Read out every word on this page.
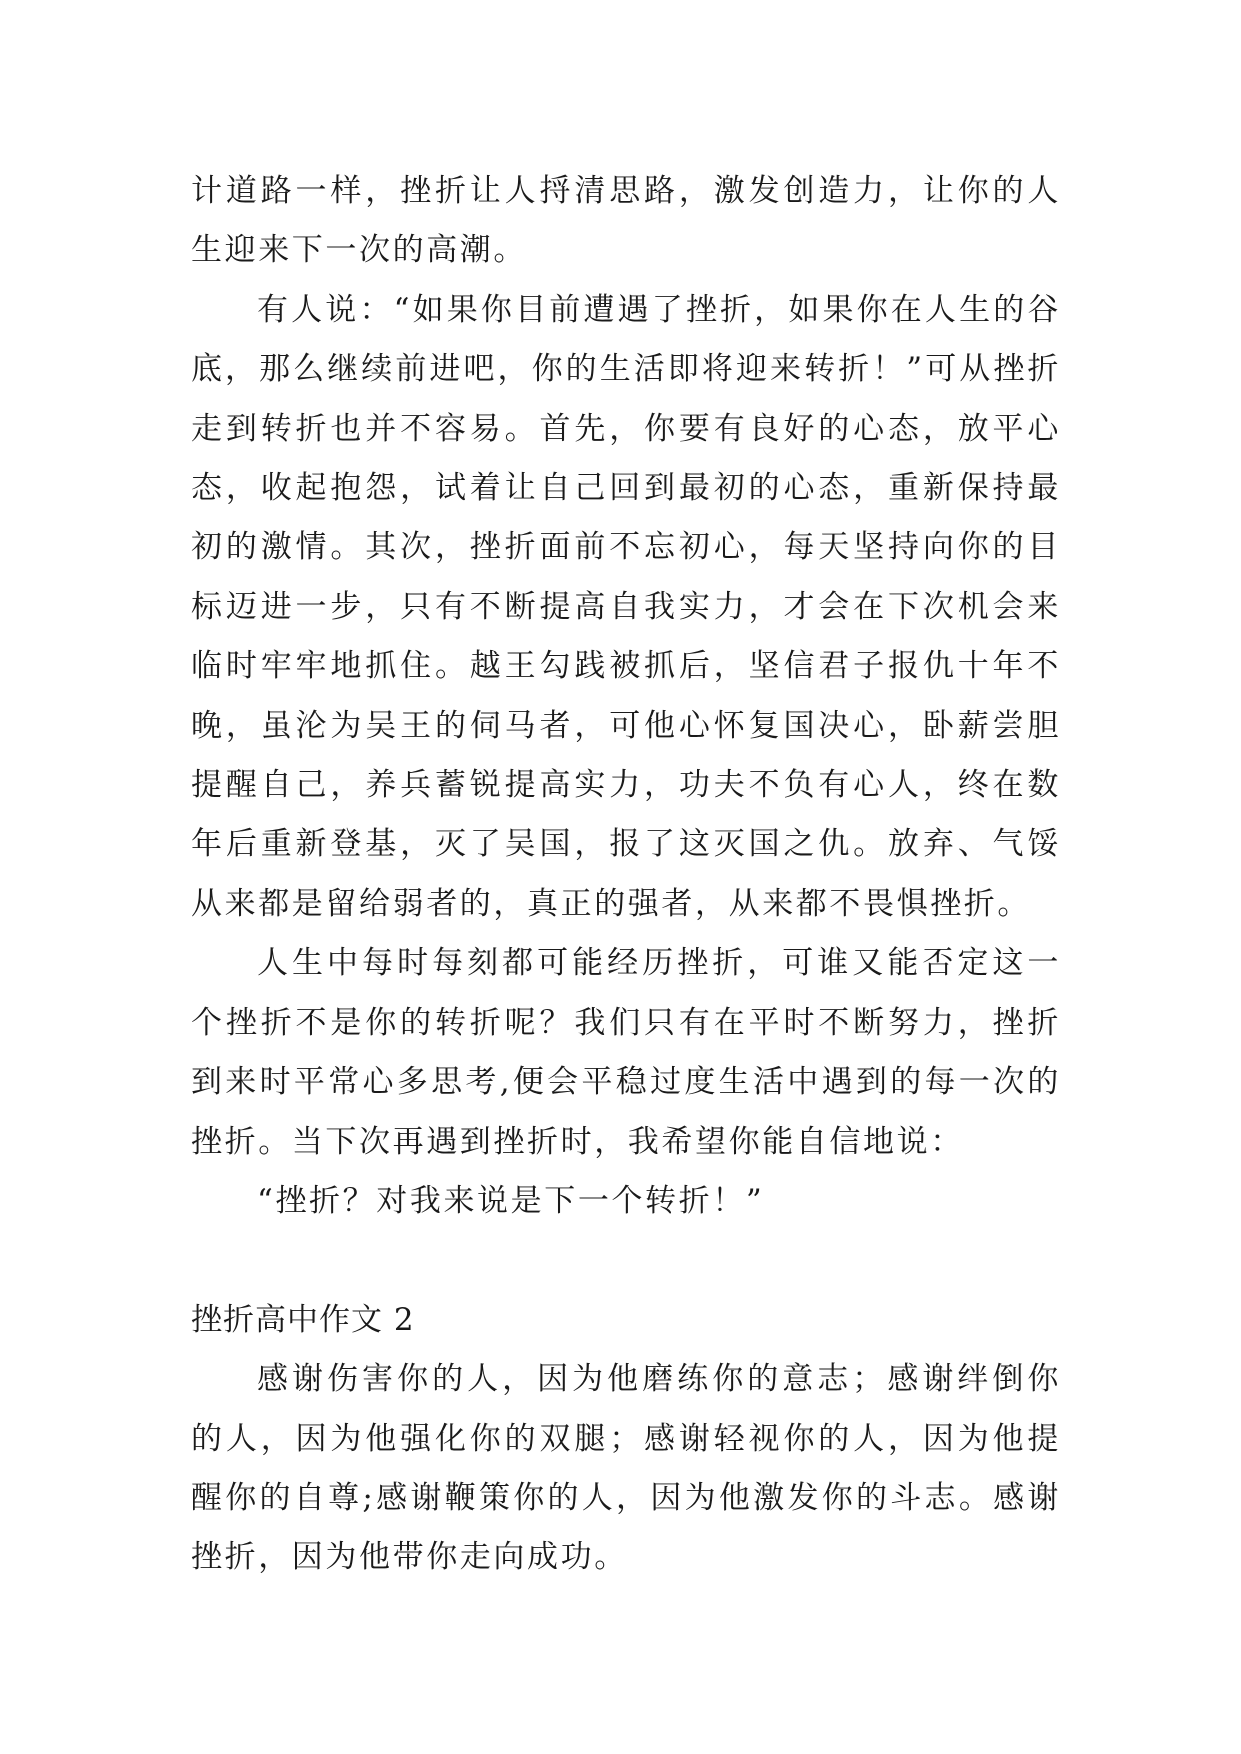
计道路一样，挫折让人捋清思路，激发创造力，让你的人生迎来下一次的高潮。

有人说：“如果你目前遭遇了挫折，如果你在人生的谷底，那么继续前进吧，你的生活即将迎来转折！”可从挫折走到转折也并不容易。首先，你要有良好的心态，放平心态，收起抱怨，试着让自己回到最初的心态，重新保持最初的激情。其次，挫折面前不忘初心，每天坚持向你的目标迈进一步，只有不断提高自我实力，才会在下次机会来临时牢牢地抓住。越王勾践被抓后，坚信君子报仇十年不晚，虽沦为吴王的伺马者，可他心怀复国决心，卧薪尝胆提醒自己，养兵蓄锐提高实力，功夫不负有心人，终在数年后重新登基，灭了吴国，报了这灭国之仇。放弃、气馁从来都是留给弱者的，真正的强者，从来都不畏惧挫折。

人生中每时每刻都可能经历挫折，可谁又能否定这一个挫折不是你的转折呢？我们只有在平时不断努力，挫折到来时平常心多思考,便会平稳过度生活中遇到的每一次的挫折。当下次再遇到挫折时，我希望你能自信地说：

“挫折？对我来说是下一个转折！”

挫折高中作文 2

感谢伤害你的人，因为他磨练你的意志；感谢绊倒你的人，因为他强化你的双腿；感谢轻视你的人，因为他提醒你的自尊;感谢鞭策你的人，因为他激发你的斗志。感谢挫折，因为他带你走向成功。
